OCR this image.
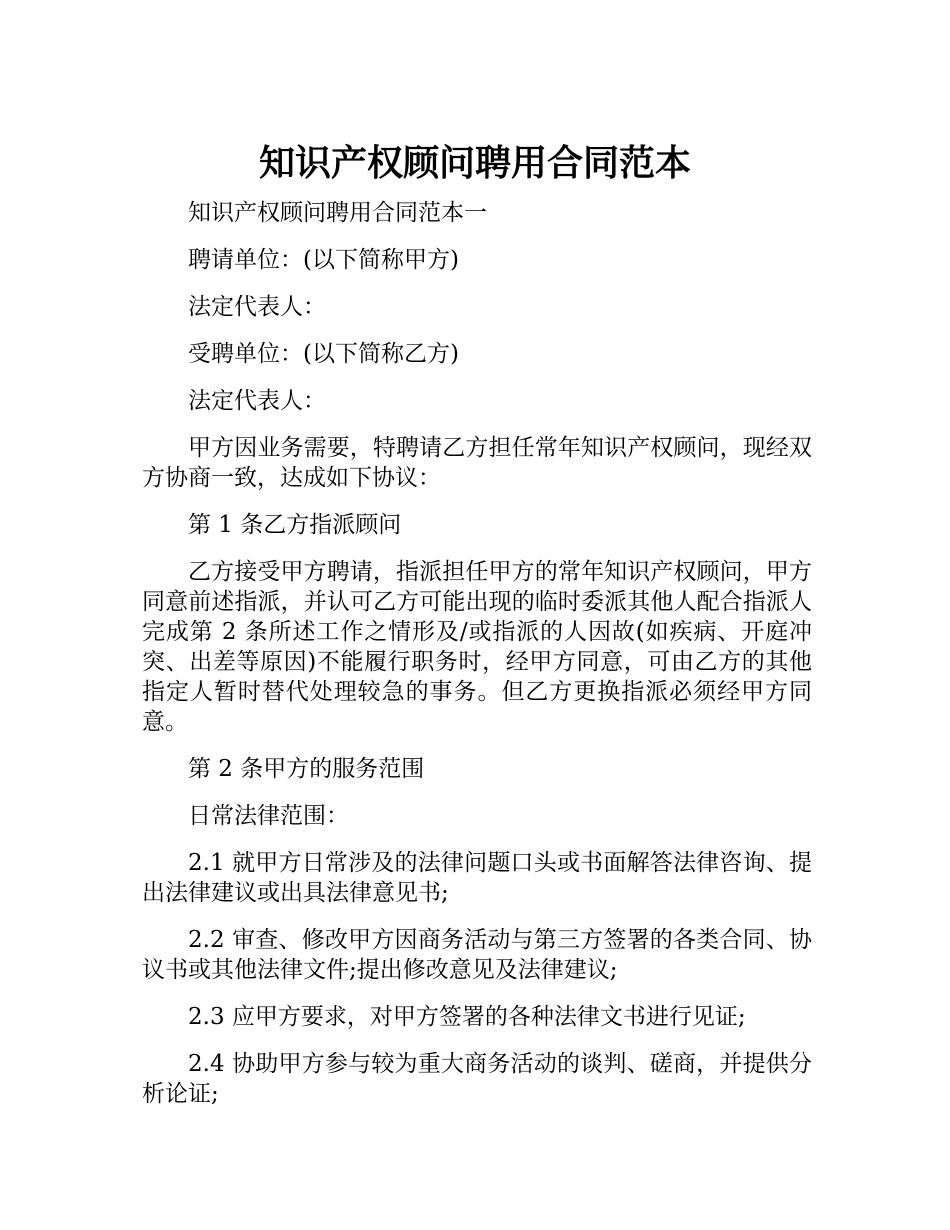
知识产权顾问聘用合同范本

知识产权顾问聘用合同范本一

聘请单位：(以下简称甲方)

法定代表人：

受聘单位：(以下简称乙方)

法定代表人：

甲方因业务需要，特聘请乙方担任常年知识产权顾问，现经双方协商一致，达成如下协议：

第 1 条乙方指派顾问

乙方接受甲方聘请，指派担任甲方的常年知识产权顾问，甲方同意前述指派，并认可乙方可能出现的临时委派其他人配合指派人完成第 2 条所述工作之情形及/或指派的人因故(如疾病、开庭冲突、出差等原因)不能履行职务时，经甲方同意，可由乙方的其他指定人暂时替代处理较急的事务。但乙方更换指派必须经甲方同意。

第 2 条甲方的服务范围

日常法律范围：

2.1 就甲方日常涉及的法律问题口头或书面解答法律咨询、提出法律建议或出具法律意见书;

2.2 审查、修改甲方因商务活动与第三方签署的各类合同、协议书或其他法律文件;提出修改意见及法律建议;

2.3 应甲方要求，对甲方签署的各种法律文书进行见证;

2.4 协助甲方参与较为重大商务活动的谈判、磋商，并提供分析论证;
